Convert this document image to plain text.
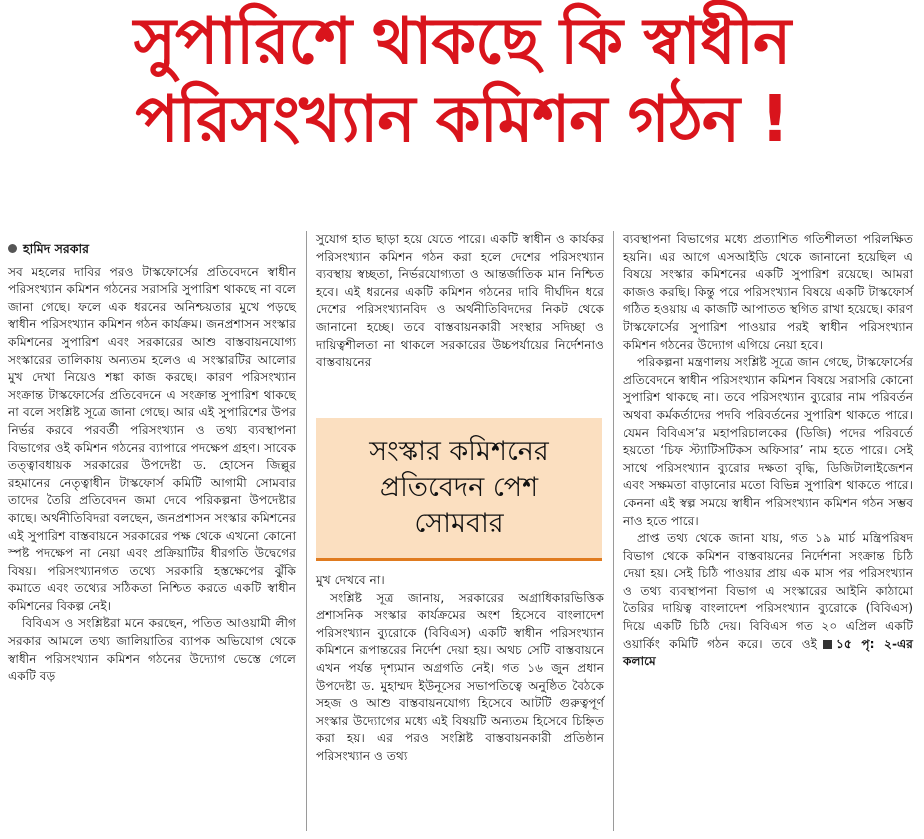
সুপারিশে থাকছে কি স্বাধীন
পরিসংখ্যান কমিশন গঠন !
হামিদ সরকার

সব মহলের দাবির পরও টাস্কফোর্সের প্রতিবেদনে স্বাধীন পরিসংখ্যান কমিশন গঠনের সরাসরি সুপারিশ থাকছে না বলে জানা গেছে। ফলে এক ধরনের অনিশ্চয়তার মুখে পড়ছে স্বাধীন পরিসংখ্যান কমিশন গঠন কার্যক্রম। জনপ্রশাসন সংস্কার কমিশনের সুপারিশ এবং সরকারের আশু বাস্তবায়নযোগ্য সংস্কারের তালিকায় অন্যতম হলেও এ সংস্কারটির আলোর মুখ দেখা নিয়েও শঙ্কা কাজ করছে। কারণ পরিসংখ্যান সংক্রান্ত টাস্কফোর্সের প্রতিবেদনে এ সংক্রান্ত সুপারিশ থাকছে না বলে সংশ্লিষ্ট সূত্রে জানা গেছে। আর এই সুপারিশের উপর নির্ভর করবে পরবর্তী পরিসংখ্যান ও তথ্য ব্যবস্থাপনা বিভাগের ওই কমিশন গঠনের ব্যাপারে পদক্ষেপ গ্রহণ। সাবেক তত্ত্বাবধায়ক সরকারের উপদেষ্টা ড. হোসেন জিল্লুর রহমানের নেতৃত্বাধীন টাস্কফোর্স কমিটি আগামী সোমবার তাদের তৈরি প্রতিবেদন জমা দেবে পরিকল্পনা উপদেষ্টার কাছে। অর্থনীতিবিদরা বলছেন, জনপ্রশাসন সংস্কার কমিশনের এই সুপারিশ বাস্তবায়নে সরকারের পক্ষ থেকে এখনো কোনো স্পষ্ট পদক্ষেপ না নেয়া এবং প্রক্রিয়াটির ধীরগতি উদ্বেগের বিষয়। পরিসংখ্যানগত তথ্যে সরকারি হস্তক্ষেপের ঝুঁকি কমাতে এবং তথ্যের সঠিকতা নিশ্চিত করতে একটি স্বাধীন কমিশনের বিকল্প নেই।

বিবিএস ও সংশ্লিষ্টরা মনে করছেন, পতিত আওয়ামী লীগ সরকার আমলে তথ্য জালিয়াতির ব্যাপক অভিযোগ থেকে স্বাধীন পরিসংখ্যান কমিশন গঠনের উদ্যোগ ভেস্তে গেলে একটি বড়

সুযোগ হাত ছাড়া হয়ে যেতে পারে। একটি স্বাধীন ও কার্যকর পরিসংখ্যান কমিশন গঠন করা হলে দেশের পরিসংখ্যান ব্যবস্থায় স্বচ্ছতা, নির্ভরযোগ্যতা ও আন্তর্জাতিক মান নিশ্চিত হবে। এই ধরনের একটি কমিশন গঠনের দাবি দীর্ঘদিন ধরে দেশের পরিসংখ্যানবিদ ও অর্থনীতিবিদদের নিকট থেকে জানানো হচ্ছে। তবে বাস্তবায়নকারী সংস্থার সদিচ্ছা ও দায়িত্বশীলতা না থাকলে সরকারের উচ্চপর্যায়ের নির্দেশনাও বাস্তবায়নের

সংস্কার কমিশনের
প্রতিবেদন পেশ
সোমবার

মুখ দেখবে না।

সংশ্লিষ্ট সূত্র জানায়, সরকারের অগ্রাধিকারভিত্তিক প্রশাসনিক সংস্কার কার্যক্রমের অংশ হিসেবে বাংলাদেশ পরিসংখ্যান ব্যুরোকে (বিবিএস) একটি স্বাধীন পরিসংখ্যান কমিশনে রূপান্তরের নির্দেশ দেয়া হয়। অথচ সেটি বাস্তবায়নে এখন পর্যন্ত দৃশ্যমান অগ্রগতি নেই। গত ১৬ জুন প্রধান উপদেষ্টা ড. মুহাম্মদ ইউনূসের সভাপতিত্বে অনুষ্ঠিত বৈঠকে সহজ ও আশু বাস্তবায়নযোগ্য হিসেবে আটটি গুরুত্বপূর্ণ সংস্কার উদ্যোগের মধ্যে এই বিষয়টি অন্যতম হিসেবে চিহ্নিত করা হয়। এর পরও সংশ্লিষ্ট বাস্তবায়নকারী প্রতিষ্ঠান পরিসংখ্যান ও তথ্য

ব্যবস্থাপনা বিভাগের মধ্যে প্রত্যাশিত গতিশীলতা পরিলক্ষিত হয়নি। এর আগে এসআইডি থেকে জানানো হয়েছিল এ বিষয়ে সংস্কার কমিশনের একটি সুপারিশ রয়েছে। আমরা কাজও করছি। কিন্তু পরে পরিসংখ্যান বিষয়ে একটি টাস্কফোর্স গঠিত হওয়ায় এ কাজটি আপাতত স্থগিত রাখা হয়েছে। কারণ টাস্কফোর্সের সুপারিশ পাওয়ার পরই স্বাধীন পরিসংখ্যান কমিশন গঠনের উদ্যোগ এগিয়ে নেয়া হবে।

পরিকল্পনা মন্ত্রণালয় সংশ্লিষ্ট সূত্রে জান গেছে, টাস্কফোর্সের প্রতিবেদনে স্বাধীন পরিসংখ্যান কমিশন বিষয়ে সরাসরি কোনো সুপারিশ থাকছে না। তবে পরিসংখ্যান ব্যুরোর নাম পরিবর্তন অথবা কর্মকর্তাদের পদবি পরিবর্তনের সুপারিশ থাকতে পারে। যেমন বিবিএস’র মহাপরিচালকের (ডিজি) পদের পরিবর্তে হয়তো ‘চিফ স্ট্যাটিসটিকস অফিসার’ নাম হতে পারে। সেই সাথে পরিসংখ্যান ব্যুরোর দক্ষতা বৃদ্ধি, ডিজিটালাইজেশন এবং সক্ষমতা বাড়ানোর মতো বিভিন্ন সুপারিশ থাকতে পারে। কেননা এই স্বল্প সময়ে স্বাধীন পরিসংখ্যান কমিশন গঠন সম্ভব নাও হতে পারে।

প্রাপ্ত তথ্য থেকে জানা যায়, গত ১৯ মার্চ মন্ত্রিপরিষদ বিভাগ থেকে কমিশন বাস্তবায়নের নির্দেশনা সংক্রান্ত চিঠি দেয়া হয়। সেই চিঠি পাওয়ার প্রায় এক মাস পর পরিসংখ্যান ও তথ্য ব্যবস্থাপনা বিভাগ এ সংস্কারের আইনি কাঠামো তৈরির দায়িত্ব বাংলাদেশ পরিসংখ্যান ব্যুরোকে (বিবিএস) দিয়ে একটি চিঠি দেয়। বিবিএস গত ২০ এপ্রিল একটি ওয়ার্কিং কমিটি গঠন করে। তবে ওই ১৫ পৃ: ২-এর কলামে
